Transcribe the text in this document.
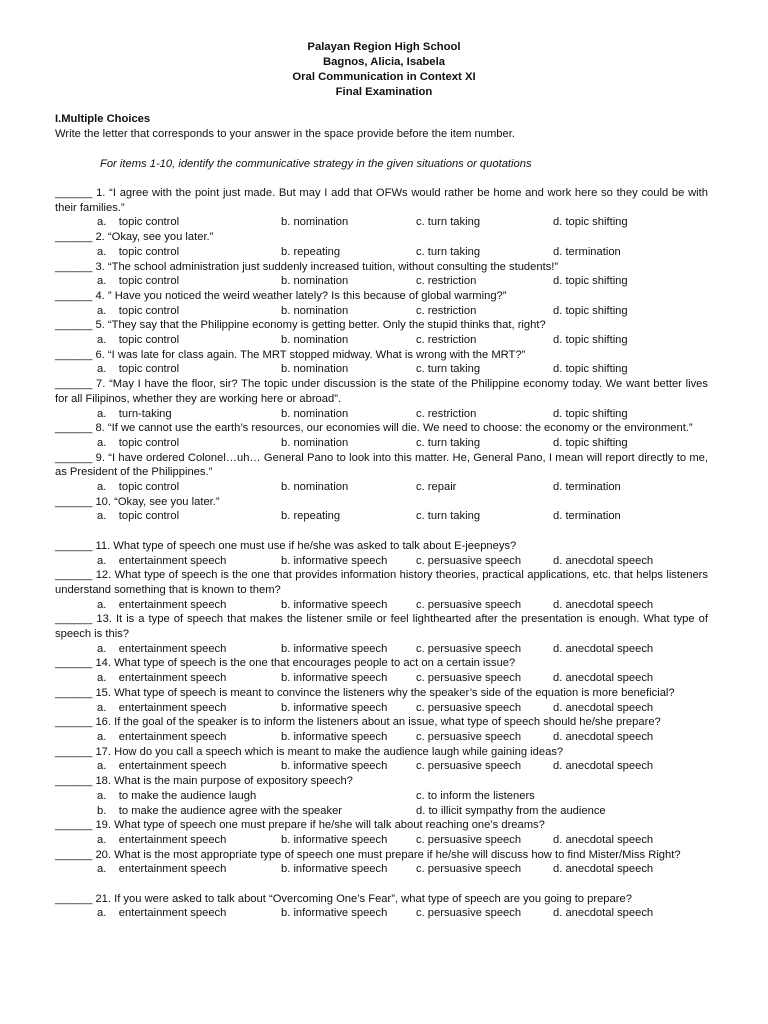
Palayan Region High School
Bagnos, Alicia, Isabela
Oral Communication in Context XI
Final Examination
I.Multiple Choices

Write the letter that corresponds to your answer in the space provide before the item number.

For items 1-10, identify the communicative strategy in the given situations or quotations
______ 1. “I agree with the point just made. But may I add that OFWs would rather be home and work here so they could be with their families.”
a.    topic control	b. nomination	c. turn taking	d. topic shifting
______ 2. “Okay, see you later.”
a.    topic control	b. repeating	c. turn taking	d. termination
______ 3. “The school administration just suddenly increased tuition, without consulting the students!”
a.    topic control	b. nomination	c. restriction	d. topic shifting
______ 4. ” Have you noticed the weird weather lately? Is this because of global warming?”
a.    topic control	b. nomination	c. restriction	d. topic shifting
______ 5. “They say that the Philippine economy is getting better. Only the stupid thinks that, right?
a.    topic control	b. nomination	c. restriction	d. topic shifting
______ 6. “I was late for class again. The MRT stopped midway. What is wrong with the MRT?”
a.    topic control	b. nomination	c. turn taking	d. topic shifting
______ 7. “May I have the floor, sir? The topic under discussion is the state of the Philippine economy today. We want better lives for all Filipinos, whether they are working here or abroad”.
a.    turn-taking	b. nomination	c. restriction	d. topic shifting
______ 8. “If we cannot use the earth’s resources, our economies will die. We need to choose: the economy or the environment.”
a.    topic control	b. nomination	c. turn taking	d. topic shifting
______ 9. “I have ordered Colonel…uh… General Pano to look into this matter. He, General Pano, I mean will report directly to me, as President of the Philippines.”
a.    topic control	b. nomination	c. repair	d. termination
______ 10. “Okay, see you later.”
a.    topic control	b. repeating	c. turn taking	d. termination
______ 11. What type of speech one must use if he/she was asked to talk about E-jeepneys?
a.    entertainment speech	b. informative speech	c. persuasive speech	d. anecdotal speech
______ 12. What type of speech is the one that provides information history theories, practical applications, etc. that helps listeners understand something that is known to them?
a.    entertainment speech	b. informative speech	c. persuasive speech	d. anecdotal speech
______ 13. It is a type of speech that makes the listener smile or feel lighthearted after the presentation is enough. What type of speech is this?
a.    entertainment speech	b. informative speech	c. persuasive speech	d. anecdotal speech
______ 14. What type of speech is the one that encourages people to act on a certain issue?
a.    entertainment speech	b. informative speech	c. persuasive speech	d. anecdotal speech
______ 15. What type of speech is meant to convince the listeners why the speaker’s side of the equation is more beneficial?
a.    entertainment speech	b. informative speech	c. persuasive speech	d. anecdotal speech
______ 16. If the goal of the speaker is to inform the listeners about an issue, what type of speech should he/she prepare?
a.    entertainment speech	b. informative speech	c. persuasive speech	d. anecdotal speech
______ 17. How do you call a speech which is meant to make the audience laugh while gaining ideas?
a.    entertainment speech	b. informative speech	c. persuasive speech	d. anecdotal speech
______ 18. What is the main purpose of expository speech?
a.    to make the audience laugh	c. to inform the listeners
b.    to make the audience agree with the speaker	d. to illicit sympathy from the audience
______ 19. What type of speech one must prepare if he/she will talk about reaching one’s dreams?
a.    entertainment speech	b. informative speech	c. persuasive speech	d. anecdotal speech
______ 20. What is the most appropriate type of speech one must prepare if he/she will discuss how to find Mister/Miss Right?
a.    entertainment speech	b. informative speech	c. persuasive speech	d. anecdotal speech
______ 21. If you were asked to talk about “Overcoming One’s Fear”, what type of speech are you going to prepare?
a.    entertainment speech	b. informative speech	c. persuasive speech	d. anecdotal speech
